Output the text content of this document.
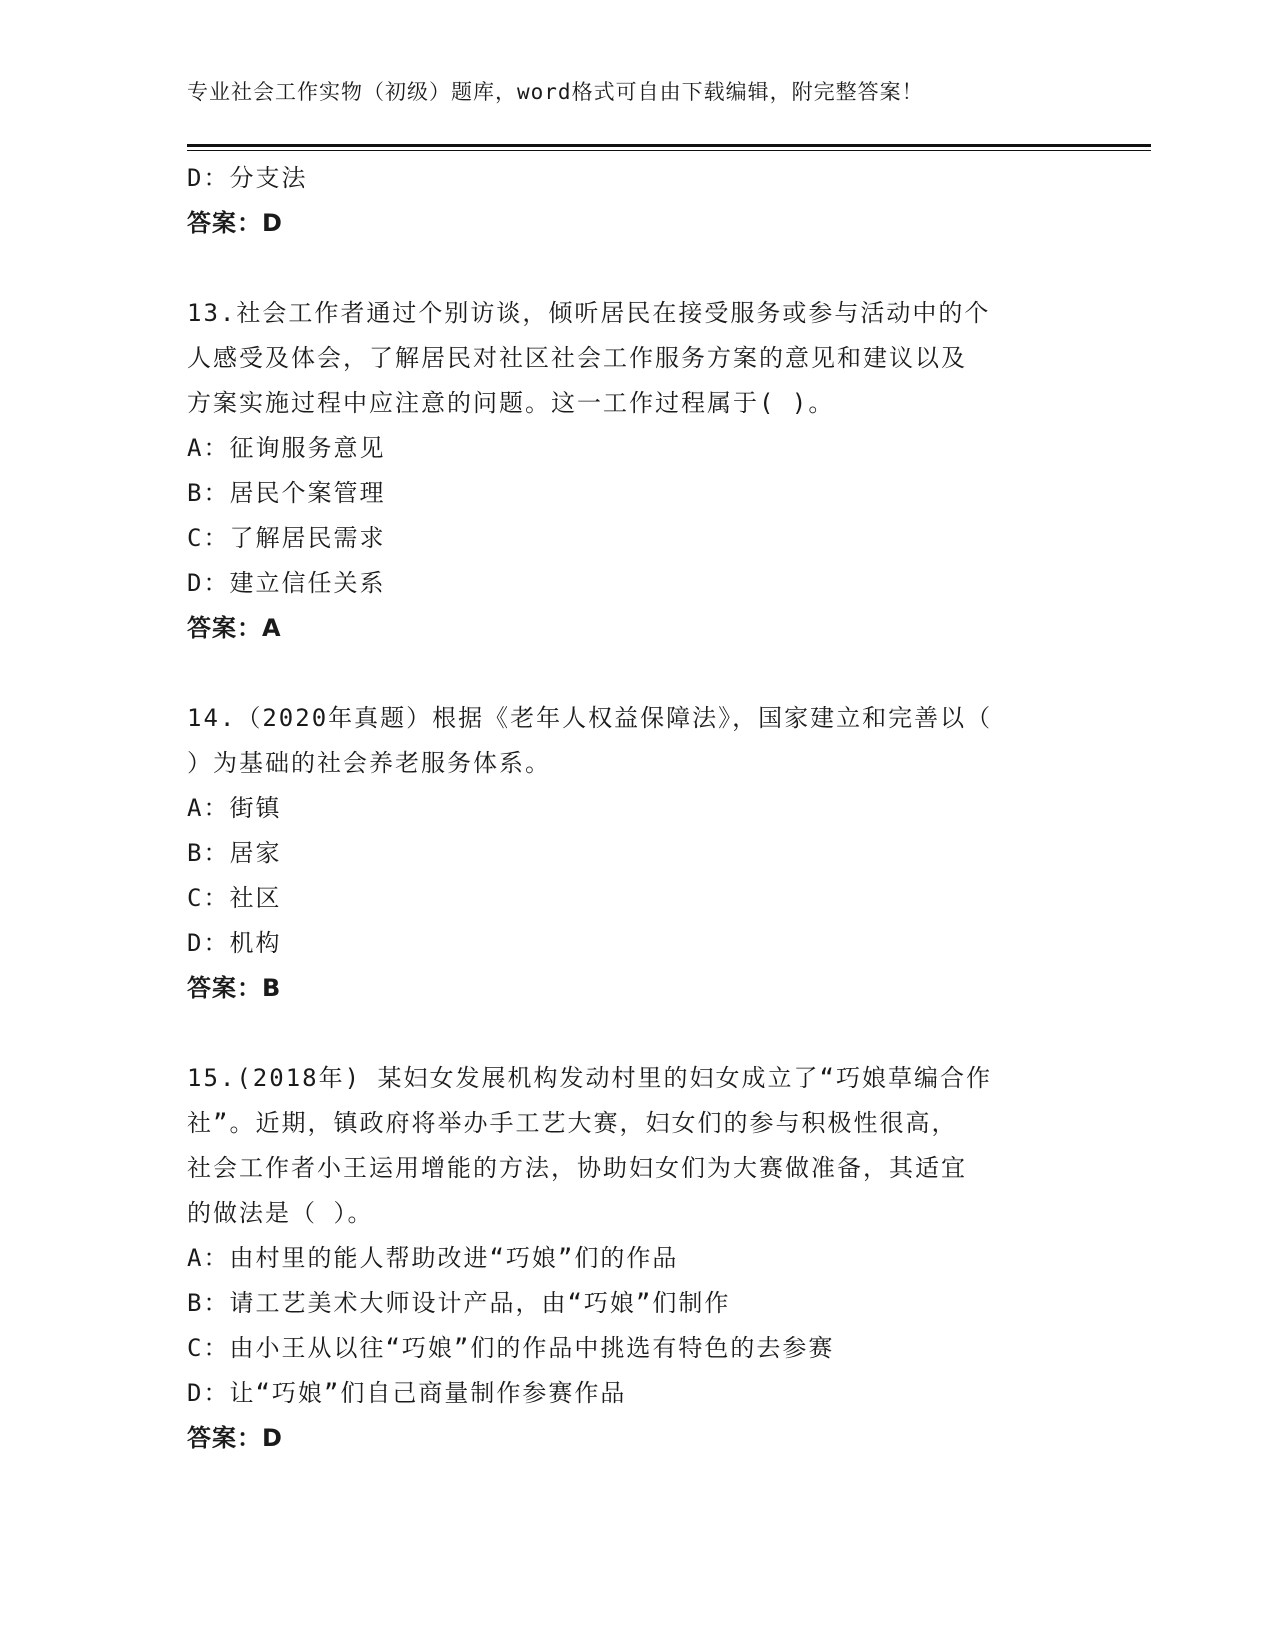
专业社会工作实物（初级）题库，word格式可自由下载编辑，附完整答案！
D：分支法
答案：D
13.社会工作者通过个别访谈，倾听居民在接受服务或参与活动中的个
人感受及体会，了解居民对社区社会工作服务方案的意见和建议以及
方案实施过程中应注意的问题。这一工作过程属于( )。
A：征询服务意见
B：居民个案管理
C：了解居民需求
D：建立信任关系
答案：A
14.（2020年真题）根据《老年人权益保障法》，国家建立和完善以（
）为基础的社会养老服务体系。
A：街镇
B：居家
C：社区
D：机构
答案：B
15.(2018年) 某妇女发展机构发动村里的妇女成立了“巧娘草编合作
社”。近期，镇政府将举办手工艺大赛，妇女们的参与积极性很高，
社会工作者小王运用增能的方法，协助妇女们为大赛做准备，其适宜
的做法是（ ）。
A：由村里的能人帮助改进“巧娘”们的作品
B：请工艺美术大师设计产品，由“巧娘”们制作
C：由小王从以往“巧娘”们的作品中挑选有特色的去参赛
D：让“巧娘”们自己商量制作参赛作品
答案：D
